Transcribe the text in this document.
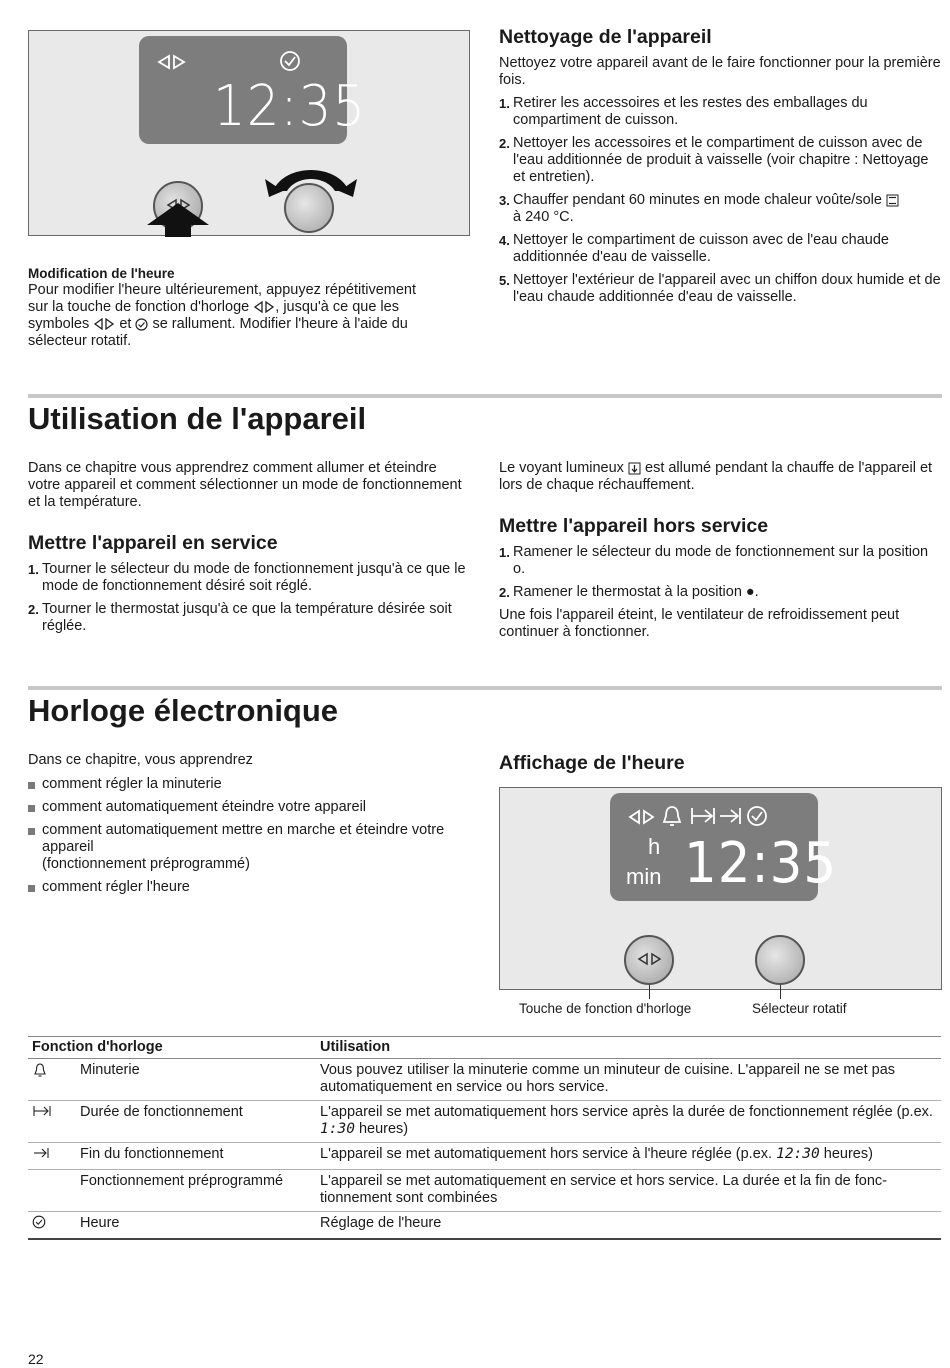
12:35
Modification de l'heure
Pour modifier l'heure ultérieurement, appuyez répétitivement
sur la touche de fonction d'horloge , jusqu'à ce que les
symboles et se rallument. Modifier l'heure à l'aide du
sélecteur rotatif.
Nettoyage de l'appareil
Nettoyez votre appareil avant de le faire fonctionner pour la première fois.
1. Retirer les accessoires et les restes des emballages du compartiment de cuisson.
2. Nettoyer les accessoires et le compartiment de cuisson avec de l'eau additionnée de produit à vaisselle (voir chapitre : Nettoyage et entretien).
3. Chauffer pendant 60 minutes en mode chaleur voûte/sole
à 240 °C.
4. Nettoyer le compartiment de cuisson avec de l'eau chaude additionnée d'eau de vaisselle.
5. Nettoyer l'extérieur de l'appareil avec un chiffon doux humide et de l'eau chaude additionnée d'eau de vaisselle.
Utilisation de l'appareil
Dans ce chapitre vous apprendrez comment allumer et éteindre votre appareil et comment sélectionner un mode de fonctionnement et la température.
Mettre l'appareil en service
1. Tourner le sélecteur du mode de fonctionnement jusqu'à ce que le mode de fonctionnement désiré soit réglé.
2. Tourner le thermostat jusqu'à ce que la température désirée soit réglée.
Le voyant lumineux est allumé pendant la chauffe de l'appareil et lors de chaque réchauffement.
Mettre l'appareil hors service
1. Ramener le sélecteur du mode de fonctionnement sur la position o.
2. Ramener le thermostat à la position ●.
Une fois l'appareil éteint, le ventilateur de refroidissement peut continuer à fonctionner.
Horloge électronique
Dans ce chapitre, vous apprendrez
comment régler la minuterie
comment automatiquement éteindre votre appareil
comment automatiquement mettre en marche et éteindre votre appareil
(fonctionnement préprogrammé)
comment régler l'heure
Affichage de l'heure
h
min 12:35
Touche de fonction d'horloge	Sélecteur rotatif
Fonction d'horloge		Utilisation
	Minuterie	Vous pouvez utiliser la minuterie comme un minuteur de cuisine. L'appareil ne se met pas automatiquement en service ou hors service.
	Durée de fonctionnement	L'appareil se met automatiquement hors service après la durée de fonctionnement réglée (p.ex. 1:30 heures)
	Fin du fonctionnement	L'appareil se met automatiquement hors service à l'heure réglée (p.ex. 12:30 heures)
	Fonctionnement préprogrammé	L'appareil se met automatiquement en service et hors service. La durée et la fin de fonc-tionnement sont combinées
	Heure	Réglage de l'heure
22
